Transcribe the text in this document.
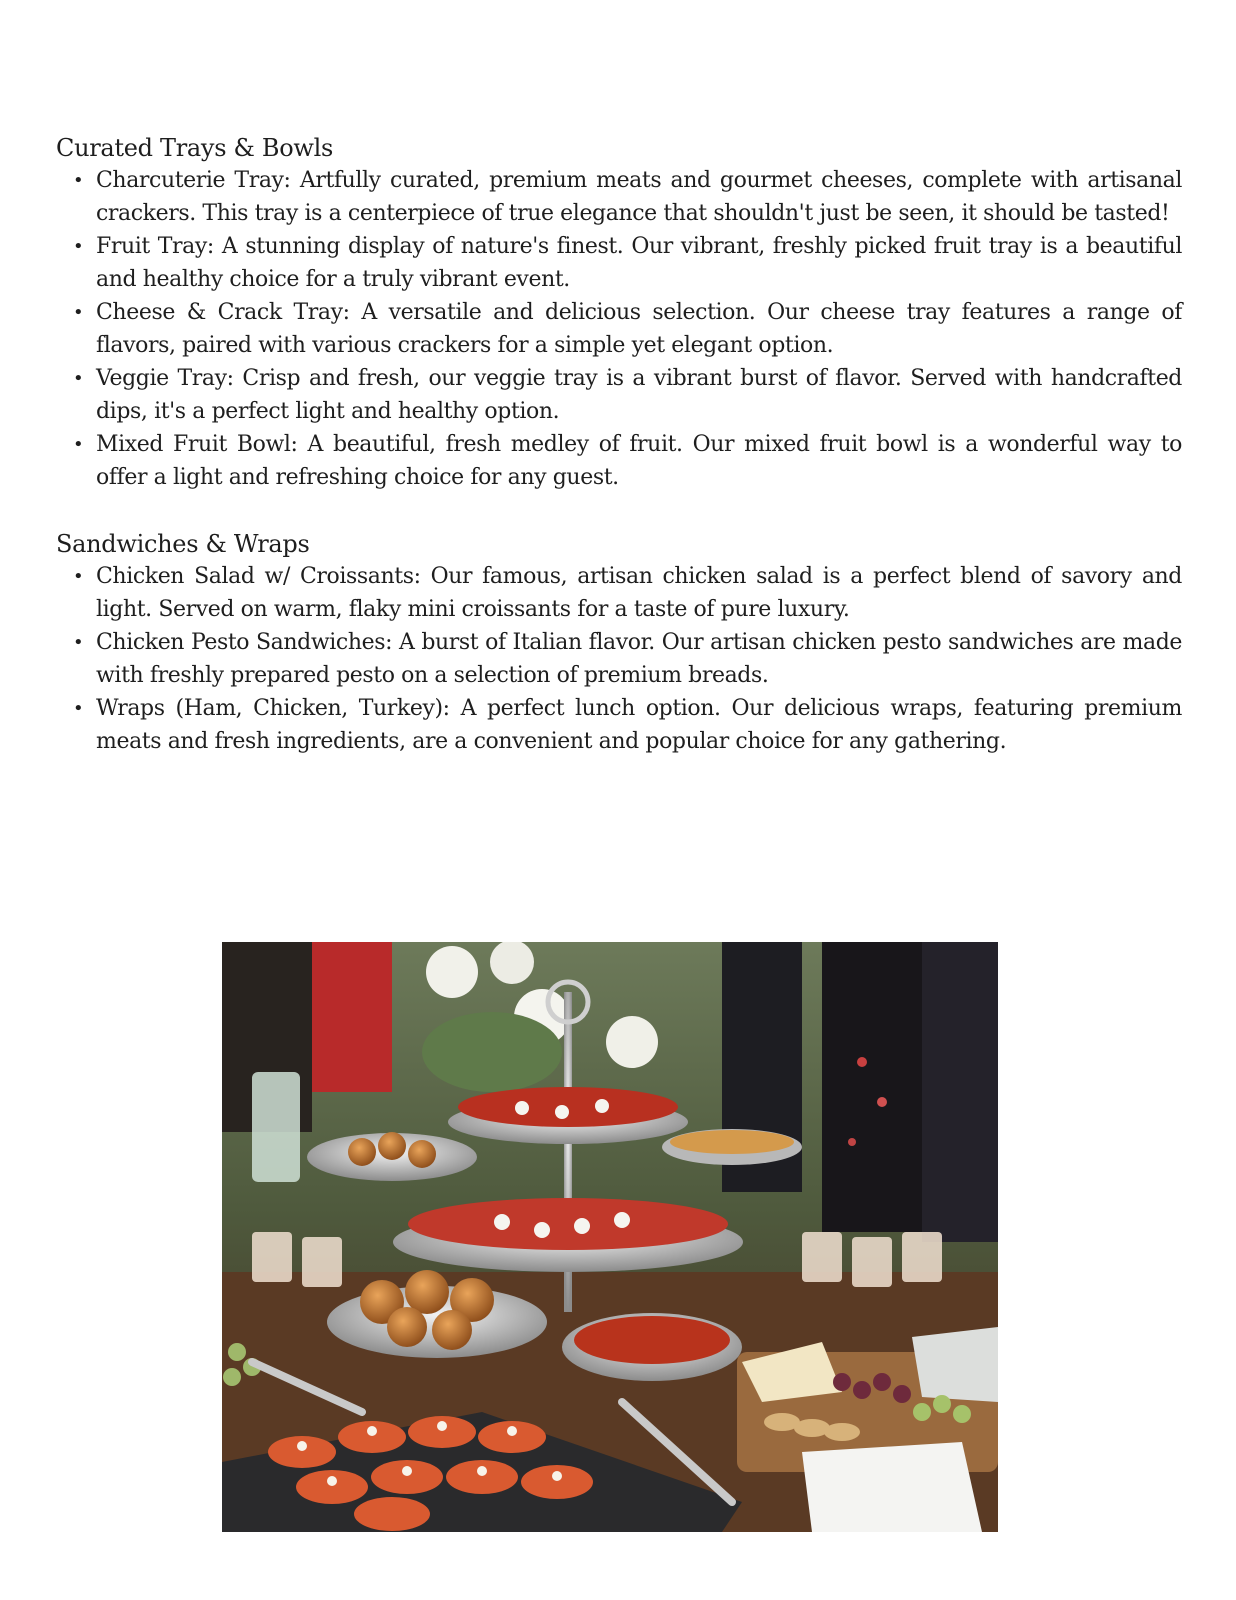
Curated Trays & Bowls
• Charcuterie Tray: Artfully curated, premium meats and gourmet cheeses, complete with artisanal crackers. This tray is a centerpiece of true elegance that shouldn't just be seen, it should be tasted!
• Fruit Tray: A stunning display of nature's finest. Our vibrant, freshly picked fruit tray is a beautiful and healthy choice for a truly vibrant event.
• Cheese & Crack Tray: A versatile and delicious selection. Our cheese tray features a range of flavors, paired with various crackers for a simple yet elegant option.
• Veggie Tray: Crisp and fresh, our veggie tray is a vibrant burst of flavor. Served with handcrafted dips, it's a perfect light and healthy option.
• Mixed Fruit Bowl: A beautiful, fresh medley of fruit. Our mixed fruit bowl is a wonderful way to offer a light and refreshing choice for any guest.
Sandwiches & Wraps
• Chicken Salad w/ Croissants: Our famous, artisan chicken salad is a perfect blend of savory and light. Served on warm, flaky mini croissants for a taste of pure luxury.
• Chicken Pesto Sandwiches: A burst of Italian flavor. Our artisan chicken pesto sandwiches are made with freshly prepared pesto on a selection of premium breads.
• Wraps (Ham, Chicken, Turkey): A perfect lunch option. Our delicious wraps, featuring premium meats and fresh ingredients, are a convenient and popular choice for any gathering.
